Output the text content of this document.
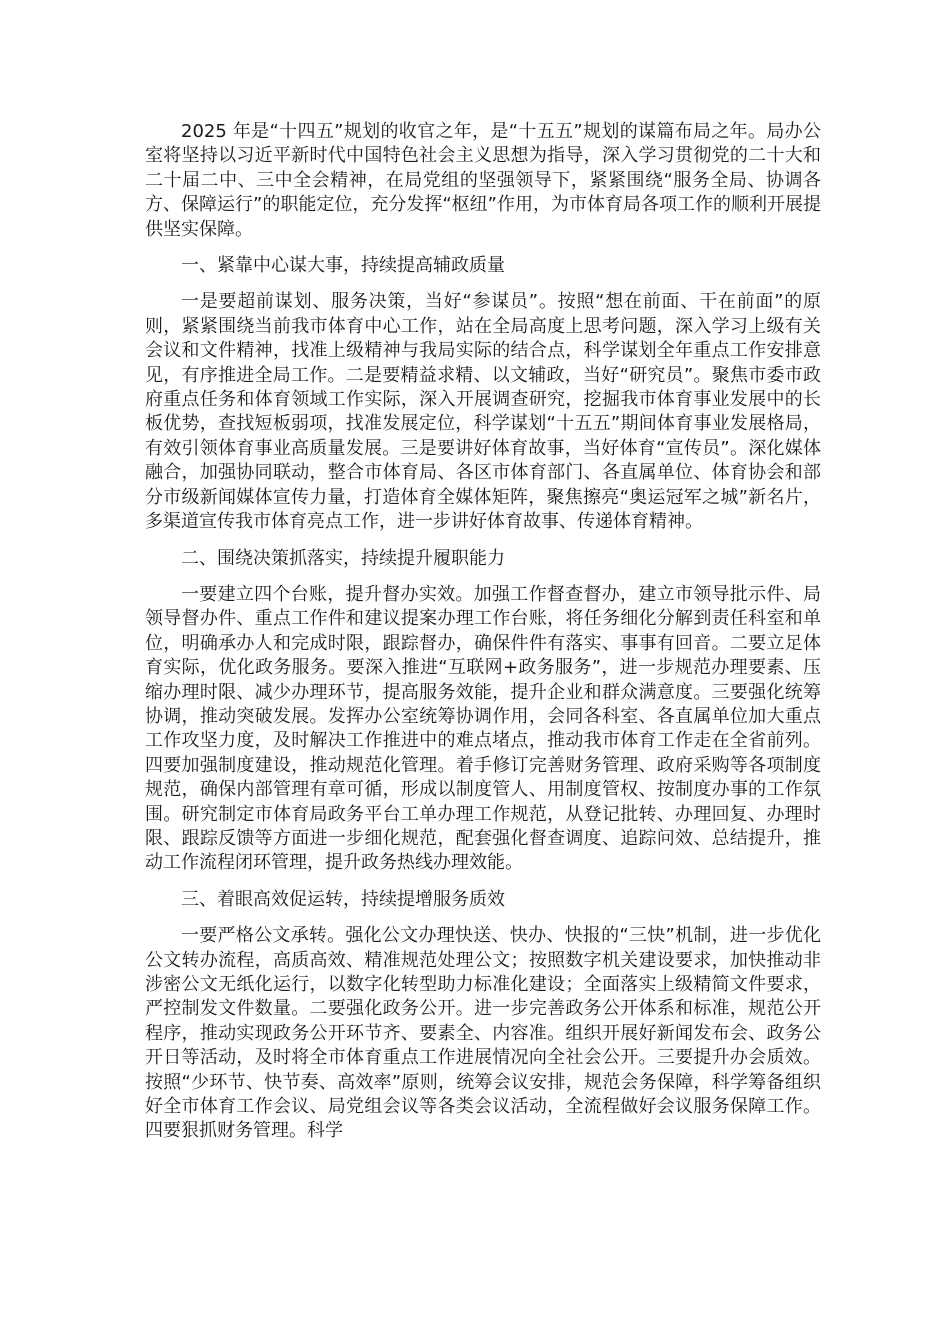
2025 年是“十四五”规划的收官之年，是“十五五”规划的谋篇布局之年。局办公室将坚持以习近平新时代中国特色社会主义思想为指导，深入学习贯彻党的二十大和二十届二中、三中全会精神，在局党组的坚强领导下，紧紧围绕“服务全局、协调各方、保障运行”的职能定位，充分发挥“枢纽”作用，为市体育局各项工作的顺利开展提供坚实保障。

一、紧靠中心谋大事，持续提高辅政质量

一是要超前谋划、服务决策，当好“参谋员”。按照“想在前面、干在前面”的原则，紧紧围绕当前我市体育中心工作，站在全局高度上思考问题，深入学习上级有关会议和文件精神，找准上级精神与我局实际的结合点，科学谋划全年重点工作安排意见，有序推进全局工作。二是要精益求精、以文辅政，当好“研究员”。聚焦市委市政府重点任务和体育领域工作实际，深入开展调查研究，挖掘我市体育事业发展中的长板优势，查找短板弱项，找准发展定位，科学谋划“十五五”期间体育事业发展格局，有效引领体育事业高质量发展。三是要讲好体育故事，当好体育“宣传员”。深化媒体融合，加强协同联动，整合市体育局、各区市体育部门、各直属单位、体育协会和部分市级新闻媒体宣传力量，打造体育全媒体矩阵，聚焦擦亮“奥运冠军之城”新名片，多渠道宣传我市体育亮点工作，进一步讲好体育故事、传递体育精神。

二、围绕决策抓落实，持续提升履职能力

一要建立四个台账，提升督办实效。加强工作督查督办，建立市领导批示件、局领导督办件、重点工作件和建议提案办理工作台账，将任务细化分解到责任科室和单位，明确承办人和完成时限，跟踪督办，确保件件有落实、事事有回音。二要立足体育实际，优化政务服务。要深入推进“互联网+政务服务”，进一步规范办理要素、压缩办理时限、减少办理环节，提高服务效能，提升企业和群众满意度。三要强化统筹协调，推动突破发展。发挥办公室统筹协调作用，会同各科室、各直属单位加大重点工作攻坚力度，及时解决工作推进中的难点堵点，推动我市体育工作走在全省前列。四要加强制度建设，推动规范化管理。着手修订完善财务管理、政府采购等各项制度规范，确保内部管理有章可循，形成以制度管人、用制度管权、按制度办事的工作氛围。研究制定市体育局政务平台工单办理工作规范，从登记批转、办理回复、办理时限、跟踪反馈等方面进一步细化规范，配套强化督查调度、追踪问效、总结提升，推动工作流程闭环管理，提升政务热线办理效能。

三、着眼高效促运转，持续提增服务质效

一要严格公文承转。强化公文办理快送、快办、快报的“三快”机制，进一步优化公文转办流程，高质高效、精准规范处理公文；按照数字机关建设要求，加快推动非涉密公文无纸化运行，以数字化转型助力标准化建设；全面落实上级精简文件要求，严控制发文件数量。二要强化政务公开。进一步完善政务公开体系和标准，规范公开程序，推动实现政务公开环节齐、要素全、内容准。组织开展好新闻发布会、政务公开日等活动，及时将全市体育重点工作进展情况向全社会公开。三要提升办会质效。按照“少环节、快节奏、高效率”原则，统筹会议安排，规范会务保障，科学筹备组织好全市体育工作会议、局党组会议等各类会议活动，全流程做好会议服务保障工作。四要狠抓财务管理。科学
